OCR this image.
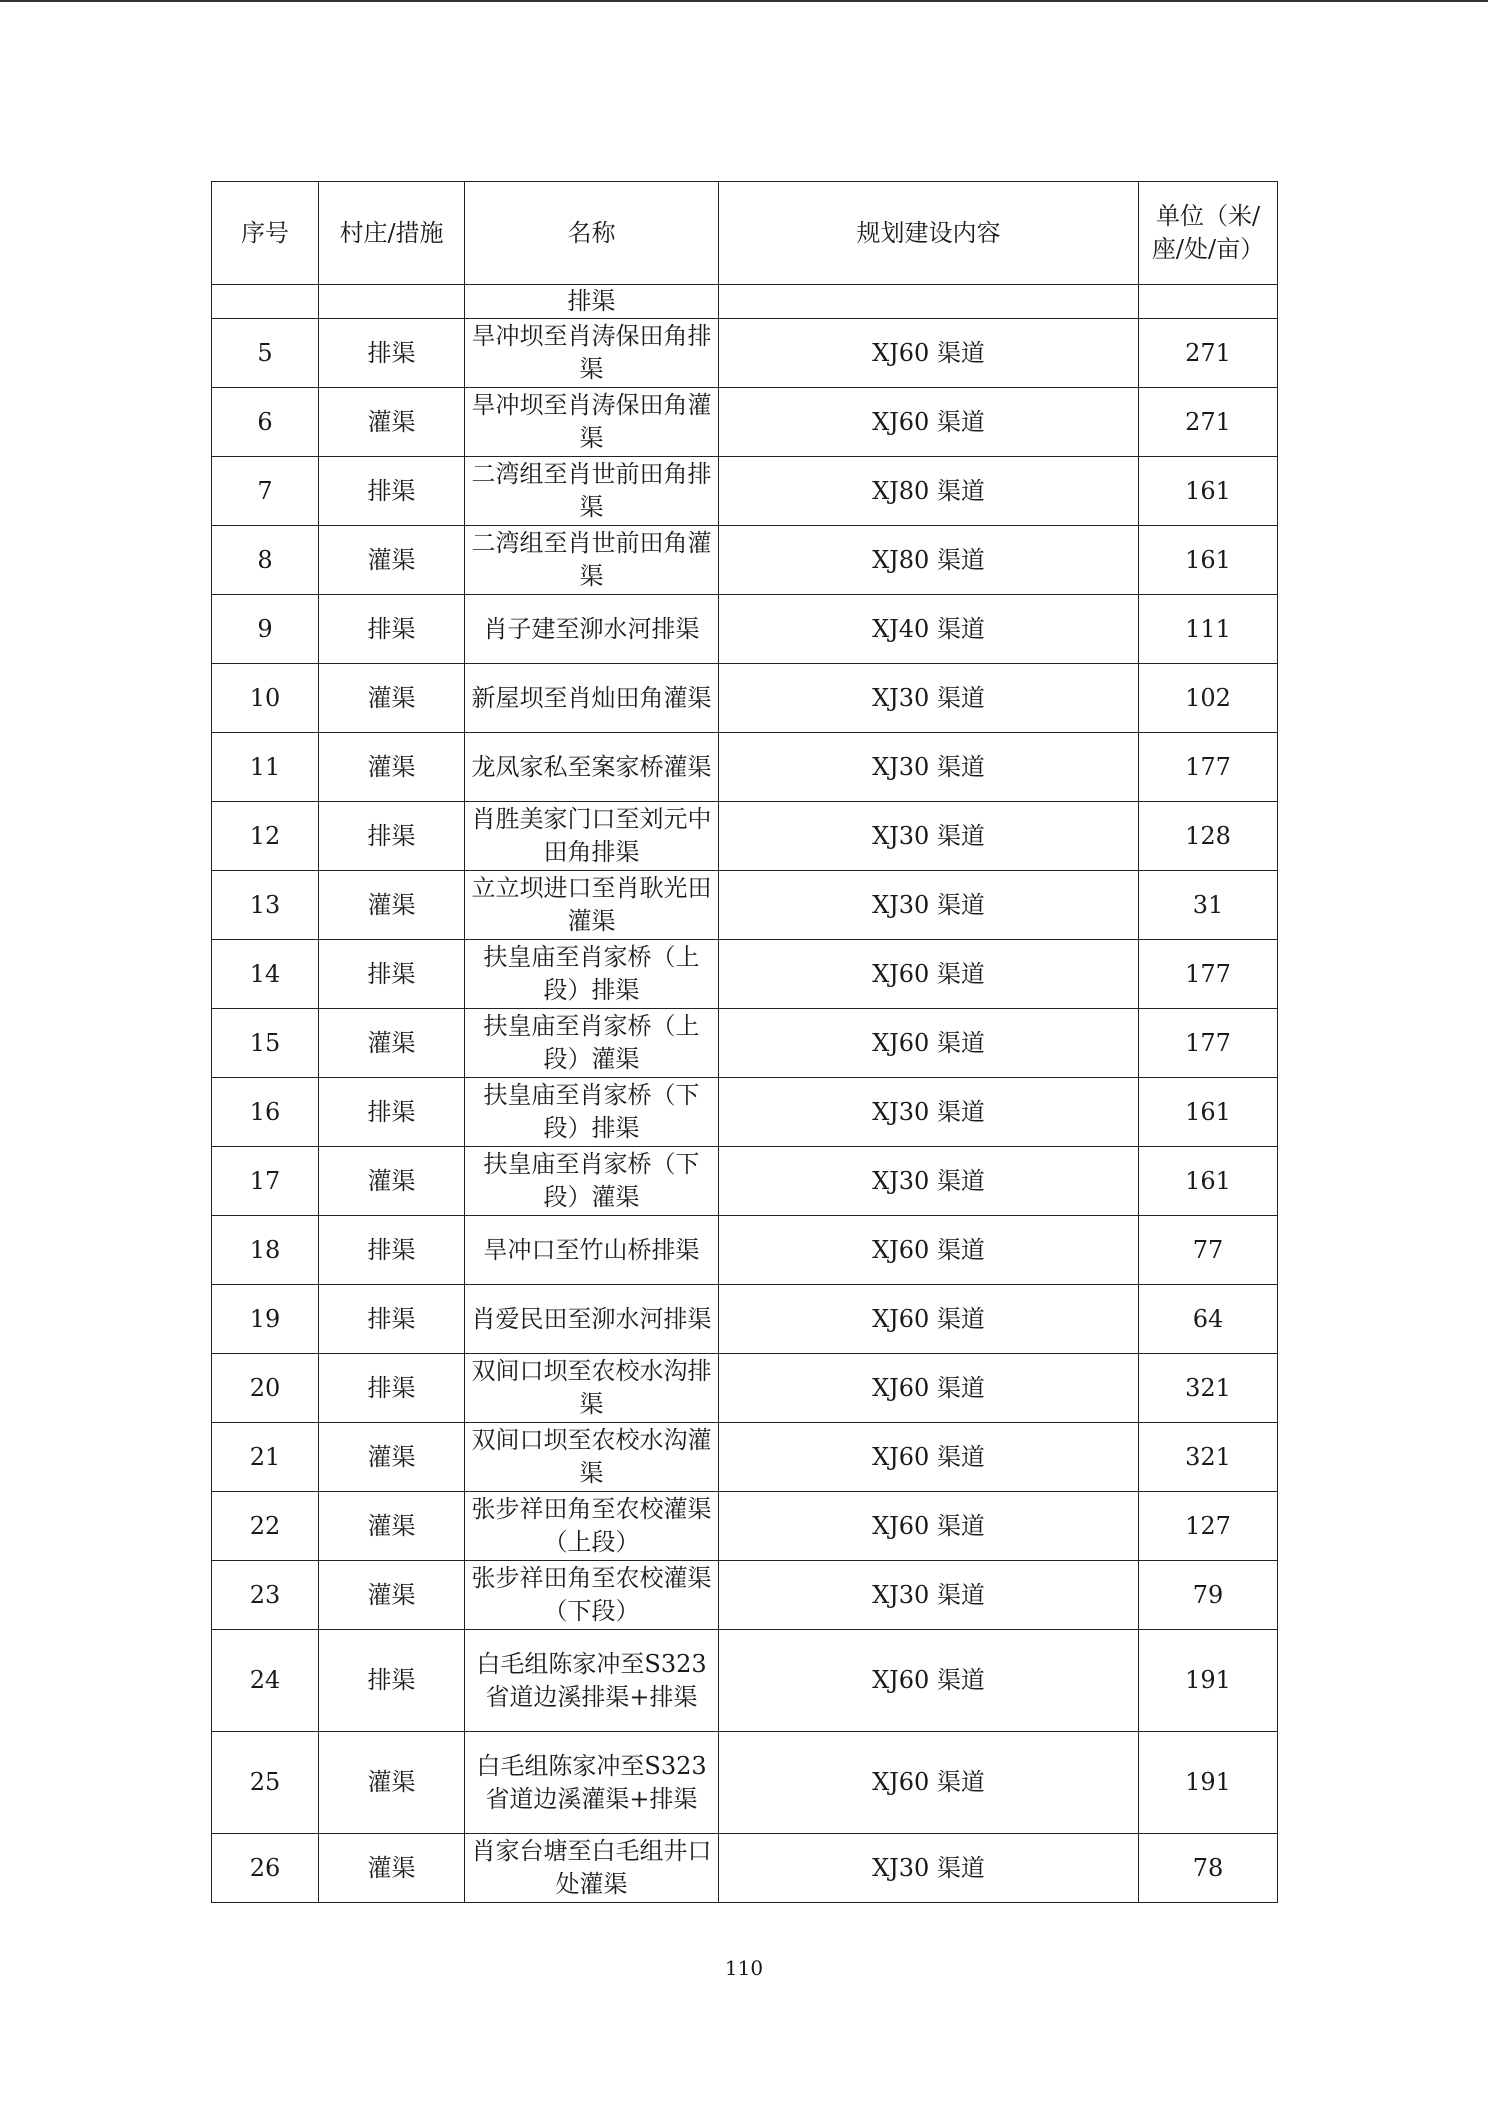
序号	村庄/措施	名称	规划建设内容	单位（米/座/处/亩）
		排渠		
5	排渠	旱冲坝至肖涛保田角排渠	XJ60 渠道	271
6	灌渠	旱冲坝至肖涛保田角灌渠	XJ60 渠道	271
7	排渠	二湾组至肖世前田角排渠	XJ80 渠道	161
8	灌渠	二湾组至肖世前田角灌渠	XJ80 渠道	161
9	排渠	肖子建至泖水河排渠	XJ40 渠道	111
10	灌渠	新屋坝至肖灿田角灌渠	XJ30 渠道	102
11	灌渠	龙凤家私至案家桥灌渠	XJ30 渠道	177
12	排渠	肖胜美家门口至刘元中田角排渠	XJ30 渠道	128
13	灌渠	立立坝进口至肖耿光田灌渠	XJ30 渠道	31
14	排渠	扶皇庙至肖家桥（上段）排渠	XJ60 渠道	177
15	灌渠	扶皇庙至肖家桥（上段）灌渠	XJ60 渠道	177
16	排渠	扶皇庙至肖家桥（下段）排渠	XJ30 渠道	161
17	灌渠	扶皇庙至肖家桥（下段）灌渠	XJ30 渠道	161
18	排渠	旱冲口至竹山桥排渠	XJ60 渠道	77
19	排渠	肖爱民田至泖水河排渠	XJ60 渠道	64
20	排渠	双间口坝至农校水沟排渠	XJ60 渠道	321
21	灌渠	双间口坝至农校水沟灌渠	XJ60 渠道	321
22	灌渠	张步祥田角至农校灌渠（上段）	XJ60 渠道	127
23	灌渠	张步祥田角至农校灌渠（下段）	XJ30 渠道	79
24	排渠	白毛组陈家冲至S323 省道边溪排渠+排渠	XJ60 渠道	191
25	灌渠	白毛组陈家冲至S323 省道边溪灌渠+排渠	XJ60 渠道	191
26	灌渠	肖家台塘至白毛组井口处灌渠	XJ30 渠道	78
110
